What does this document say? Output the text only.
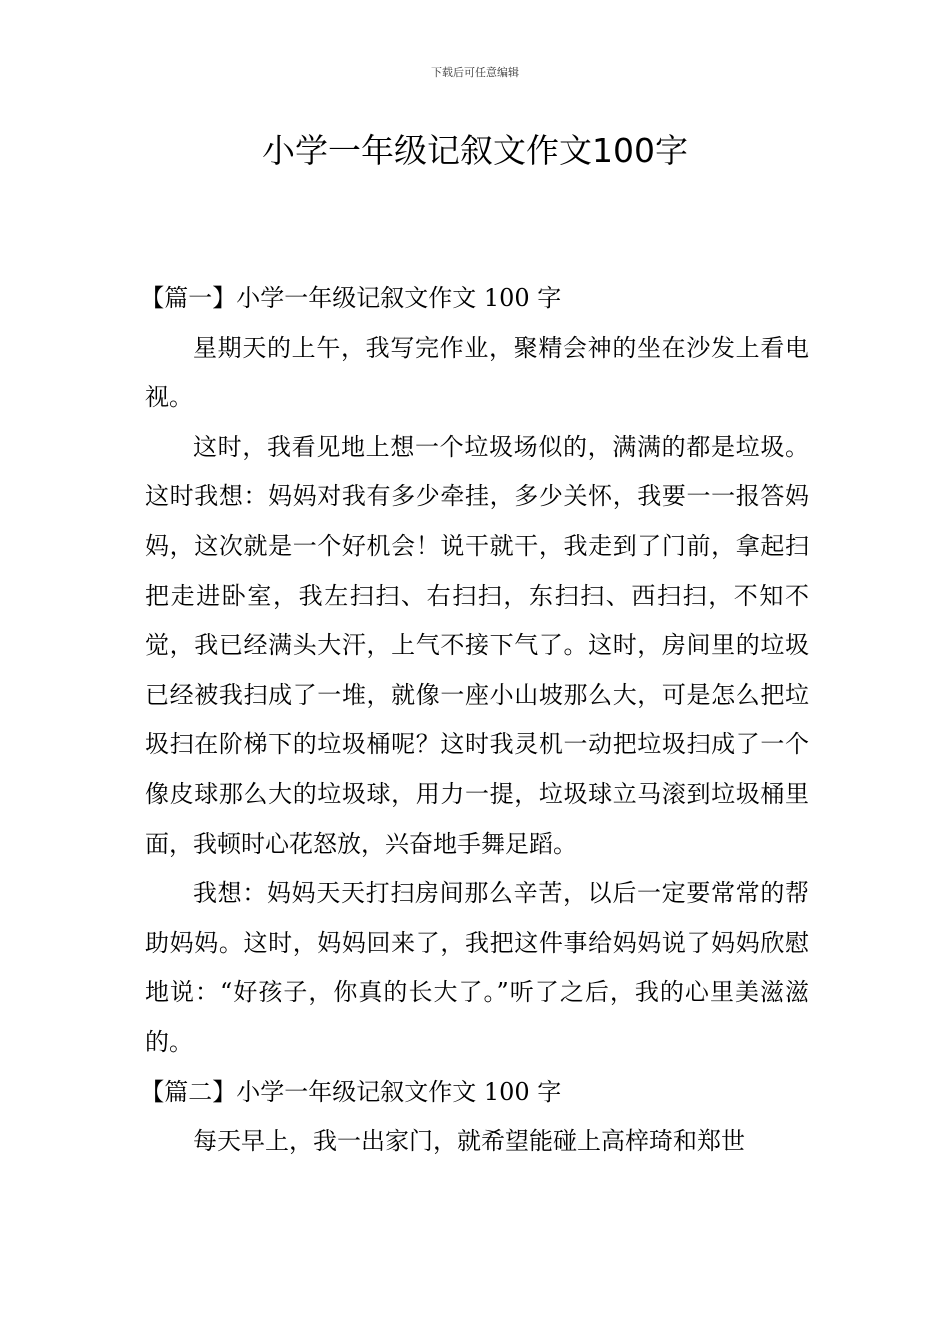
下载后可任意编辑
小学一年级记叙文作文100字

【篇一】小学一年级记叙文作文 100 字

星期天的上午，我写完作业，聚精会神的坐在沙发上看电视。

这时，我看见地上想一个垃圾场似的，满满的都是垃圾。这时我想：妈妈对我有多少牵挂，多少关怀，我要一一报答妈妈，这次就是一个好机会！说干就干，我走到了门前，拿起扫把走进卧室，我左扫扫、右扫扫，东扫扫、西扫扫，不知不觉，我已经满头大汗，上气不接下气了。这时，房间里的垃圾已经被我扫成了一堆，就像一座小山坡那么大，可是怎么把垃圾扫在阶梯下的垃圾桶呢？这时我灵机一动把垃圾扫成了一个像皮球那么大的垃圾球，用力一提，垃圾球立马滚到垃圾桶里面，我顿时心花怒放，兴奋地手舞足蹈。

我想：妈妈天天打扫房间那么辛苦，以后一定要常常的帮助妈妈。这时，妈妈回来了，我把这件事给妈妈说了妈妈欣慰地说：“好孩子，你真的长大了。”听了之后，我的心里美滋滋的。

【篇二】小学一年级记叙文作文 100 字

每天早上，我一出家门，就希望能碰上高梓琦和郑世
